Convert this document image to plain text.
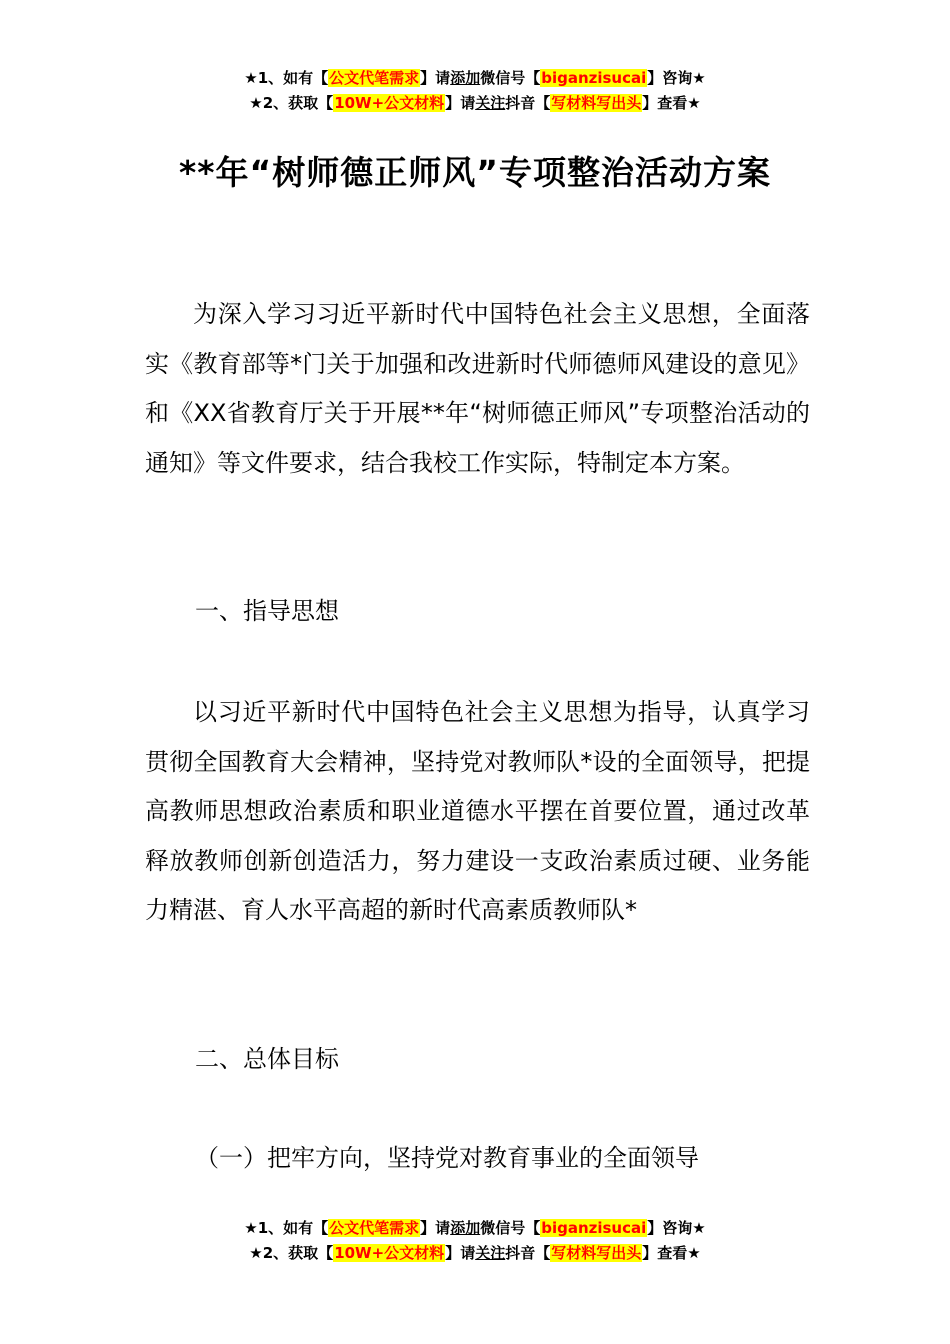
★1、如有【公文代笔需求】请添加微信号【biganzisucai】咨询★
★2、获取【10W+公文材料】请关注抖音【写材料写出头】查看★
**年“树师德正师风”专项整治活动方案
为深入学习习近平新时代中国特色社会主义思想，全面落实《教育部等*门关于加强和改进新时代师德师风建设的意见》和《XX省教育厅关于开展**年“树师德正师风”专项整治活动的通知》等文件要求，结合我校工作实际，特制定本方案。
一、指导思想
以习近平新时代中国特色社会主义思想为指导，认真学习贯彻全国教育大会精神，坚持党对教师队*设的全面领导，把提高教师思想政治素质和职业道德水平摆在首要位置，通过改革释放教师创新创造活力，努力建设一支政治素质过硬、业务能力精湛、育人水平高超的新时代高素质教师队*
二、总体目标
（一）把牢方向，坚持党对教育事业的全面领导
★1、如有【公文代笔需求】请添加微信号【biganzisucai】咨询★
★2、获取【10W+公文材料】请关注抖音【写材料写出头】查看★
